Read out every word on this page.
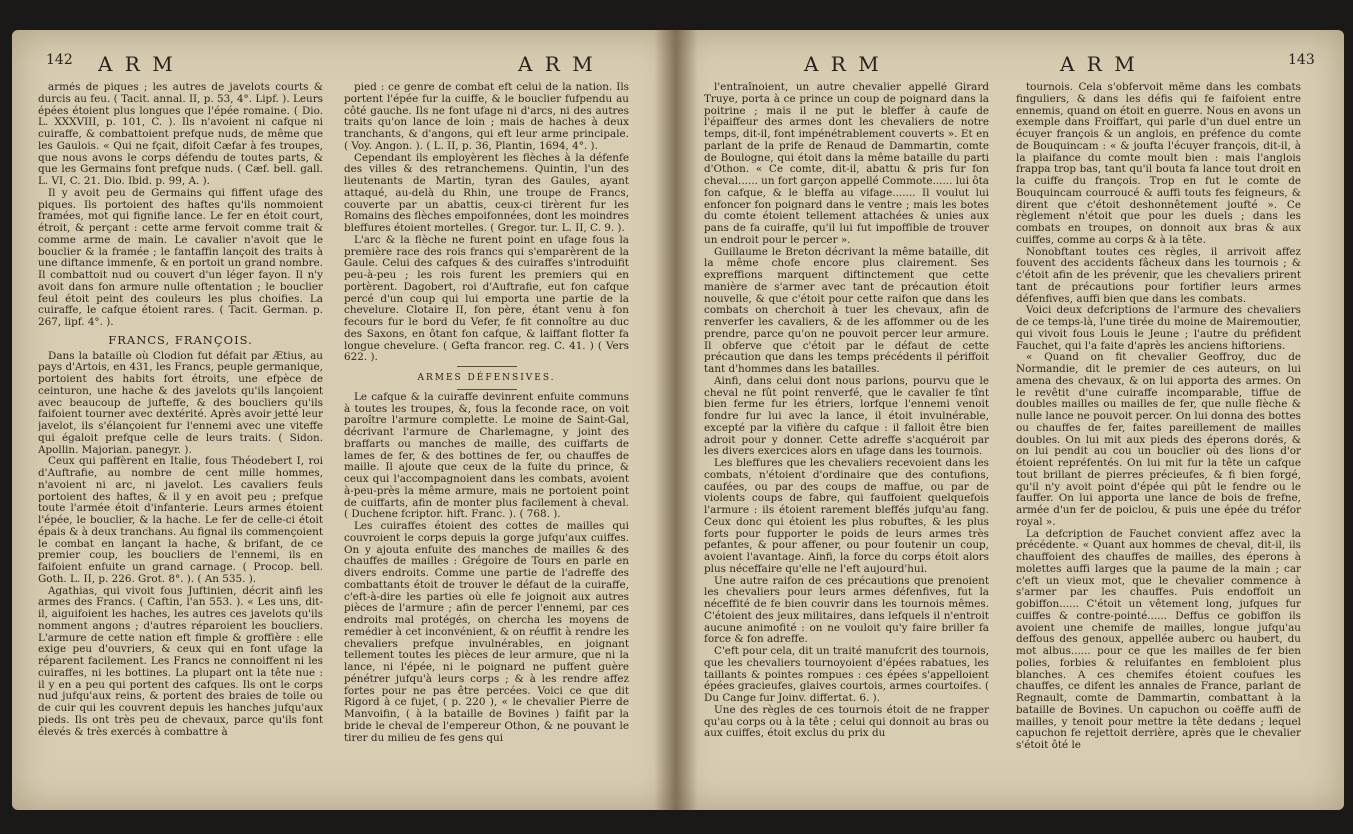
142 A R M	A R M

armés de piques ; les autres de javelots courts & durcis au feu. ( Tacit. annal. II, p. 53, 4°. Lipf. ). Leurs épées étoient plus longues que l'épée romaine. ( Dio. L. XXXVIII, p. 101, C. ). Ils n'avoient ni cafque ni cuiraffe, & combattoient prefque nuds, de même que les Gaulois. « Qui ne fçait, difoit Cæfar à fes troupes, que nous avons le corps défendu de toutes parts, & que les Germains font prefque nuds. ( Cæf. bell. gall. L. VI, C. 21. Dio. Ibid. p. 99, A. ).

Il y avoit peu de Germains qui fiffent ufage des piques. Ils portoient des haftes qu'ils nommoient framées, mot qui fignifie lance. Le fer en étoit court, étroit, & perçant : cette arme fervoit comme trait & comme arme de main. Le cavalier n'avoit que le bouclier & la framée ; le fantaffin lançoit des traits à une diftance immenfe, & en portoit un grand nombre. Il combattoit nud ou couvert d'un léger fayon. Il n'y avoit dans fon armure nulle oftentation ; le bouclier feul étoit peint des couleurs les plus choifies. La cuiraffe, le cafque étoient rares. ( Tacit. German. p. 267, lipf. 4°. ).

FRANCS, FRANÇOIS.

Dans la bataille où Clodion fut défait par Ætius, au pays d'Artois, en 431, les Francs, peuple germanique, portoient des habits fort étroits, une efpèce de ceinturon, une hache & des javelots qu'ils lançoient avec beaucoup de jufteffe, & des boucliers qu'ils faifoient tourner avec dextérité. Après avoir jetté leur javelot, ils s'élançoient fur l'ennemi avec une viteffe qui égaloit prefque celle de leurs traits. ( Sidon. Apollin. Majorian. panegyr. ).

Ceux qui paffèrent en Italie, fous Théodebert I, roi d'Auftrafie, au nombre de cent mille hommes, n'avoient ni arc, ni javelot. Les cavaliers feuls portoient des haftes, & il y en avoit peu ; prefque toute l'armée étoit d'infanterie. Leurs armes étoient l'épée, le bouclier, & la hache. Le fer de celle-ci étoit épais & à deux tranchans. Au fignal ils commençoient le combat en lançant la hache, & brifant, de ce premier coup, les boucliers de l'ennemi, ils en faifoient enfuite un grand carnage. ( Procop. bell. Goth. L. II, p. 226. Grot. 8°. ). ( An 535. ).

Agathias, qui vivoit fous Juftinien, décrit ainfi les armes des Francs. ( Caftin, l'an 553. ). « Les uns, dit-il, aiguifoient les haches, les autres ces javelots qu'ils nomment angons ; d'autres réparoient les boucliers. L'armure de cette nation eft fimple & groffière : elle exige peu d'ouvriers, & ceux qui en font ufage la réparent facilement. Les Francs ne connoiffent ni les cuiraffes, ni les bottines. La plupart ont la tête nue : il y en a peu qui portent des cafques. Ils ont le corps nud jufqu'aux reins, & portent des braies de toile ou de cuir qui les couvrent depuis les hanches jufqu'aux pieds. Ils ont très peu de chevaux, parce qu'ils font élevés & très exercés à combattre à

pied : ce genre de combat eft celui de la nation. Ils portent l'épée fur la cuiffe, & le bouclier fufpendu au côté gauche. Ils ne font ufage ni d'arcs, ni des autres traits qu'on lance de loin ; mais de haches à deux tranchants, & d'angons, qui eft leur arme principale. ( Voy. Angon. ). ( L. II, p. 36, Plantin, 1694, 4°. ).

Cependant ils employèrent les flèches à la défenfe des villes & des retranchemens. Quintin, l'un des lieutenants de Martin, tyran des Gaules, ayant attaqué, au-delà du Rhin, une troupe de Francs, couverte par un abattis, ceux-ci tirèrent fur les Romains des flèches empoifonnées, dont les moindres bleffures étoient mortelles. ( Gregor. tur. L. II, C. 9. ).

L'arc & la flèche ne furent point en ufage fous la première race des rois francs qui s'emparèrent de la Gaule. Celui des cafques & des cuiraffes s'introduifit peu-à-peu ; les rois furent les premiers qui en portèrent. Dagobert, roi d'Auftrafie, eut fon cafque percé d'un coup qui lui emporta une partie de la chevelure. Clotaire II, fon père, étant venu à fon fecours fur le bord du Vefer, fe fit connoître au duc des Saxons, en ôtant fon cafque, & laiffant flotter fa longue chevelure. ( Gefta francor. reg. C. 41. ) ( Vers 622. ).

ARMES DÉFENSIVES.

Le cafque & la cuiraffe devinrent enfuite communs à toutes les troupes, &, fous la feconde race, on voit paroître l'armure complette. Le moine de Saint-Gal, décrivant l'armure de Charlemagne, y joint des braffarts ou manches de maille, des cuiffarts de lames de fer, & des bottines de fer, ou chauffes de maille. Il ajoute que ceux de la fuite du prince, & ceux qui l'accompagnoient dans les combats, avoient à-peu-près la même armure, mais ne portoient point de cuiffarts, afin de monter plus facilement à cheval. ( Duchene fcriptor. hift. Franc. ). ( 768. ).

Les cuiraffes étoient des cottes de mailles qui couvroient le corps depuis la gorge jufqu'aux cuiffes. On y ajouta enfuite des manches de mailles & des chauffes de mailles : Grégoire de Tours en parle en divers endroits. Comme une partie de l'adreffe des combattants étoit de trouver le défaut de la cuiraffe, c'eft-à-dire les parties où elle fe joignoit aux autres pièces de l'armure ; afin de percer l'ennemi, par ces endroits mal protégés, on chercha les moyens de remédier à cet inconvénient, & on réuffit à rendre les chevaliers prefque invulnérables, en joignant tellement toutes les pièces de leur armure, que ni la lance, ni l'épée, ni le poignard ne puffent guère pénétrer jufqu'à leurs corps ; & à les rendre affez fortes pour ne pas être percées. Voici ce que dit Rigord à ce fujet, ( p. 220 ), « le chevalier Pierre de Manvoifin, ( à la bataille de Bovines ) faifit par la bride le cheval de l'empereur Othon, & ne pouvant le tirer du milieu de fes gens qui

A R M	A R M	143

l'entraînoient, un autre chevalier appellé Girard Truye, porta à ce prince un coup de poignard dans la poitrine ; mais il ne put le bleffer à caufe de l'épaiffeur des armes dont les chevaliers de notre temps, dit-il, font impénétrablement couverts ». Et en parlant de la prife de Renaud de Dammartin, comte de Boulogne, qui étoit dans la même bataille du parti d'Othon. « Ce comte, dit-il, abattu & pris fur fon cheval...... un fort garçon appellé Commote...... lui ôta fon cafque, & le bleffa au vifage....... Il voulut lui enfoncer fon poignard dans le ventre ; mais les botes du comte étoient tellement attachées & unies aux pans de fa cuiraffe, qu'il lui fut impoffible de trouver un endroit pour le percer ».

Guillaume le Breton décrivant la même bataille, dit la même chofe encore plus clairement. Ses expreffions marquent diftinctement que cette manière de s'armer avec tant de précaution étoit nouvelle, & que c'étoit pour cette raifon que dans les combats on cherchoit à tuer les chevaux, afin de renverfer les cavaliers, & de les affommer ou de les prendre, parce qu'on ne pouvoit percer leur armure. Il obferve que c'étoit par le défaut de cette précaution que dans les temps précédents il périffoit tant d'hommes dans les batailles.

Ainfi, dans celui dont nous parlons, pourvu que le cheval ne fût point renverfé, que le cavalier fe tînt bien ferme fur les étriers, lorfque l'ennemi venoit fondre fur lui avec la lance, il étoit invulnérable, excepté par la vifière du cafque : il falloit être bien adroit pour y donner. Cette adreffe s'acquéroit par les divers exercices alors en ufage dans les tournois.

Les bleffures que les chevaliers recevoient dans les combats, n'étoient d'ordinaire que des contufions, caufées, ou par des coups de maffue, ou par de violents coups de fabre, qui fauffoient quelquefois l'armure : ils étoient rarement bleffés jufqu'au fang. Ceux donc qui étoient les plus robuftes, & les plus forts pour fupporter le poids de leurs armes très pefantes, & pour affener, ou pour foutenir un coup, avoient l'avantage. Ainfi, la force du corps étoit alors plus néceffaire qu'elle ne l'eft aujourd'hui.

Une autre raifon de ces précautions que prenoient les chevaliers pour leurs armes défenfives, fut la néceffité de fe bien couvrir dans les tournois mêmes. C'étoient des jeux militaires, dans lefquels il n'entroit aucune animofité : on ne vouloit qu'y faire briller fa force & fon adreffe.

C'eft pour cela, dit un traité manufcrit des tournois, que les chevaliers tournoyoient d'épées rabatues, les taillants & pointes rompues : ces épées s'appelloient épées gracieufes, glaives courtois, armes courtoifes. ( Du Cange fur Joinv. differtat. 6. ).

Une des règles de ces tournois étoit de ne frapper qu'au corps ou à la tête ; celui qui donnoit au bras ou aux cuiffes, étoit exclus du prix du

tournois. Cela s'obfervoit même dans les combats finguliers, & dans les défis qui fe faifoient entre ennemis, quand on étoit en guerre. Nous en avons un exemple dans Froiffart, qui parle d'un duel entre un écuyer françois & un anglois, en préfence du comte de Bouquincam : « & joufta l'écuyer françois, dit-il, à la plaifance du comte moult bien : mais l'anglois frappa trop bas, tant qu'il bouta fa lance tout droit en la cuiffe du françois. Trop en fut le comte de Bouquincam courroucé & auffi touts fes feigneurs, & dirent que c'étoit deshonnêtement joufté ». Ce règlement n'étoit que pour les duels ; dans les combats en troupes, on donnoit aux bras & aux cuiffes, comme au corps & à la tête.

Nonobftant toutes ces règles, il arrivoit affez fouvent des accidents fâcheux dans les tournois ; & c'étoit afin de les prévenir, que les chevaliers prirent tant de précautions pour fortifier leurs armes défenfives, auffi bien que dans les combats.

Voici deux defcriptions de l'armure des chevaliers de ce temps-là, l'une tirée du moine de Mairemoutier, qui vivoit fous Louis le Jeune ; l'autre du préfident Fauchet, qui l'a faite d'après les anciens hiftoriens.

« Quand on fit chevalier Geoffroy, duc de Normandie, dit le premier de ces auteurs, on lui amena des chevaux, & on lui apporta des armes. On le revêtit d'une cuiraffe incomparable, tiffue de doubles mailles ou mailles de fer, que nulle flèche & nulle lance ne pouvoit percer. On lui donna des bottes ou chauffes de fer, faites pareillement de mailles doubles. On lui mit aux pieds des éperons dorés, & on lui pendit au cou un bouclier où des lions d'or étoient repréfentés. On lui mit fur la tête un cafque tout brillant de pierres précieufes, & fi bien forgé, qu'il n'y avoit point d'épée qui pût le fendre ou le fauffer. On lui apporta une lance de bois de frefne, armée d'un fer de poiclou, & puis une épée du tréfor royal ».

La defcription de Fauchet convient affez avec la précédente. « Quant aux hommes de cheval, dit-il, ils chauffoient des chauffes de mailles, des éperons à molettes auffi larges que la paume de la main ; car c'eft un vieux mot, que le chevalier commence à s'armer par les chauffes. Puis endoffoit un gobiffon...... C'étoit un vêtement long, jufques fur cuiffes & contre-pointé...... Deffus ce gobiffon ils avoient une chemife de mailles, longue jufqu'au deffous des genoux, appellée auberc ou haubert, du mot albus...... pour ce que les mailles de fer bien polies, forbies & reluifantes en fembloient plus blanches. A ces chemifes étoient coufues les chauffes, ce difent les annales de France, parlant de Regnault, comte de Dammartin, combattant à la bataille de Bovines. Un capuchon ou coëffe auffi de mailles, y tenoit pour mettre la tête dedans ; lequel capuchon fe rejettoit derrière, après que le chevalier s'étoit ôté le
